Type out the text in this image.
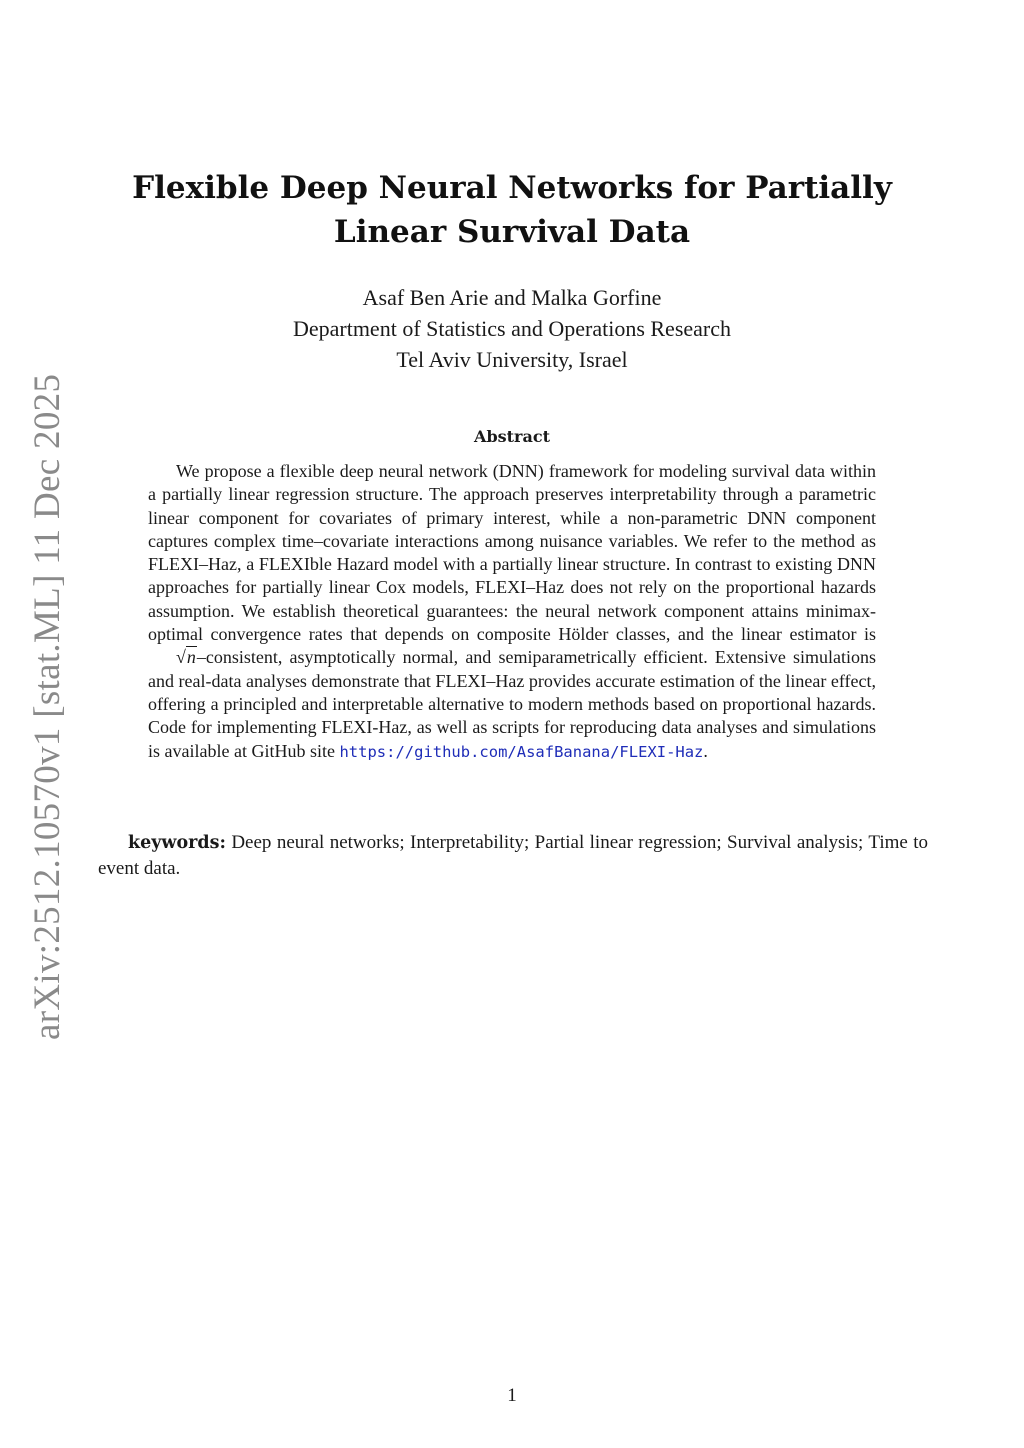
arXiv:2512.10570v1 [stat.ML] 11 Dec 2025
Flexible Deep Neural Networks for Partially Linear Survival Data
Asaf Ben Arie and Malka Gorfine
Department of Statistics and Operations Research
Tel Aviv University, Israel
Abstract
We propose a flexible deep neural network (DNN) framework for modeling survival data within a partially linear regression structure. The approach preserves interpretability through a parametric linear component for covariates of primary interest, while a non-parametric DNN component captures complex time–covariate interactions among nuisance variables. We refer to the method as FLEXI–Haz, a FLEXIble Hazard model with a partially linear structure. In contrast to existing DNN approaches for partially linear Cox models, FLEXI–Haz does not rely on the proportional hazards assumption. We establish theoretical guarantees: the neural network component attains minimax-optimal convergence rates that depends on composite Hölder classes, and the linear estimator is √n–consistent, asymptotically normal, and semiparametrically efficient. Extensive simulations and real-data analyses demonstrate that FLEXI–Haz provides accurate estimation of the linear effect, offering a principled and interpretable alternative to modern methods based on proportional hazards. Code for implementing FLEXI-Haz, as well as scripts for reproducing data analyses and simulations is available at GitHub site https://github.com/AsafBanana/FLEXI-Haz.
keywords: Deep neural networks; Interpretability; Partial linear regression; Survival analysis; Time to event data.
1
